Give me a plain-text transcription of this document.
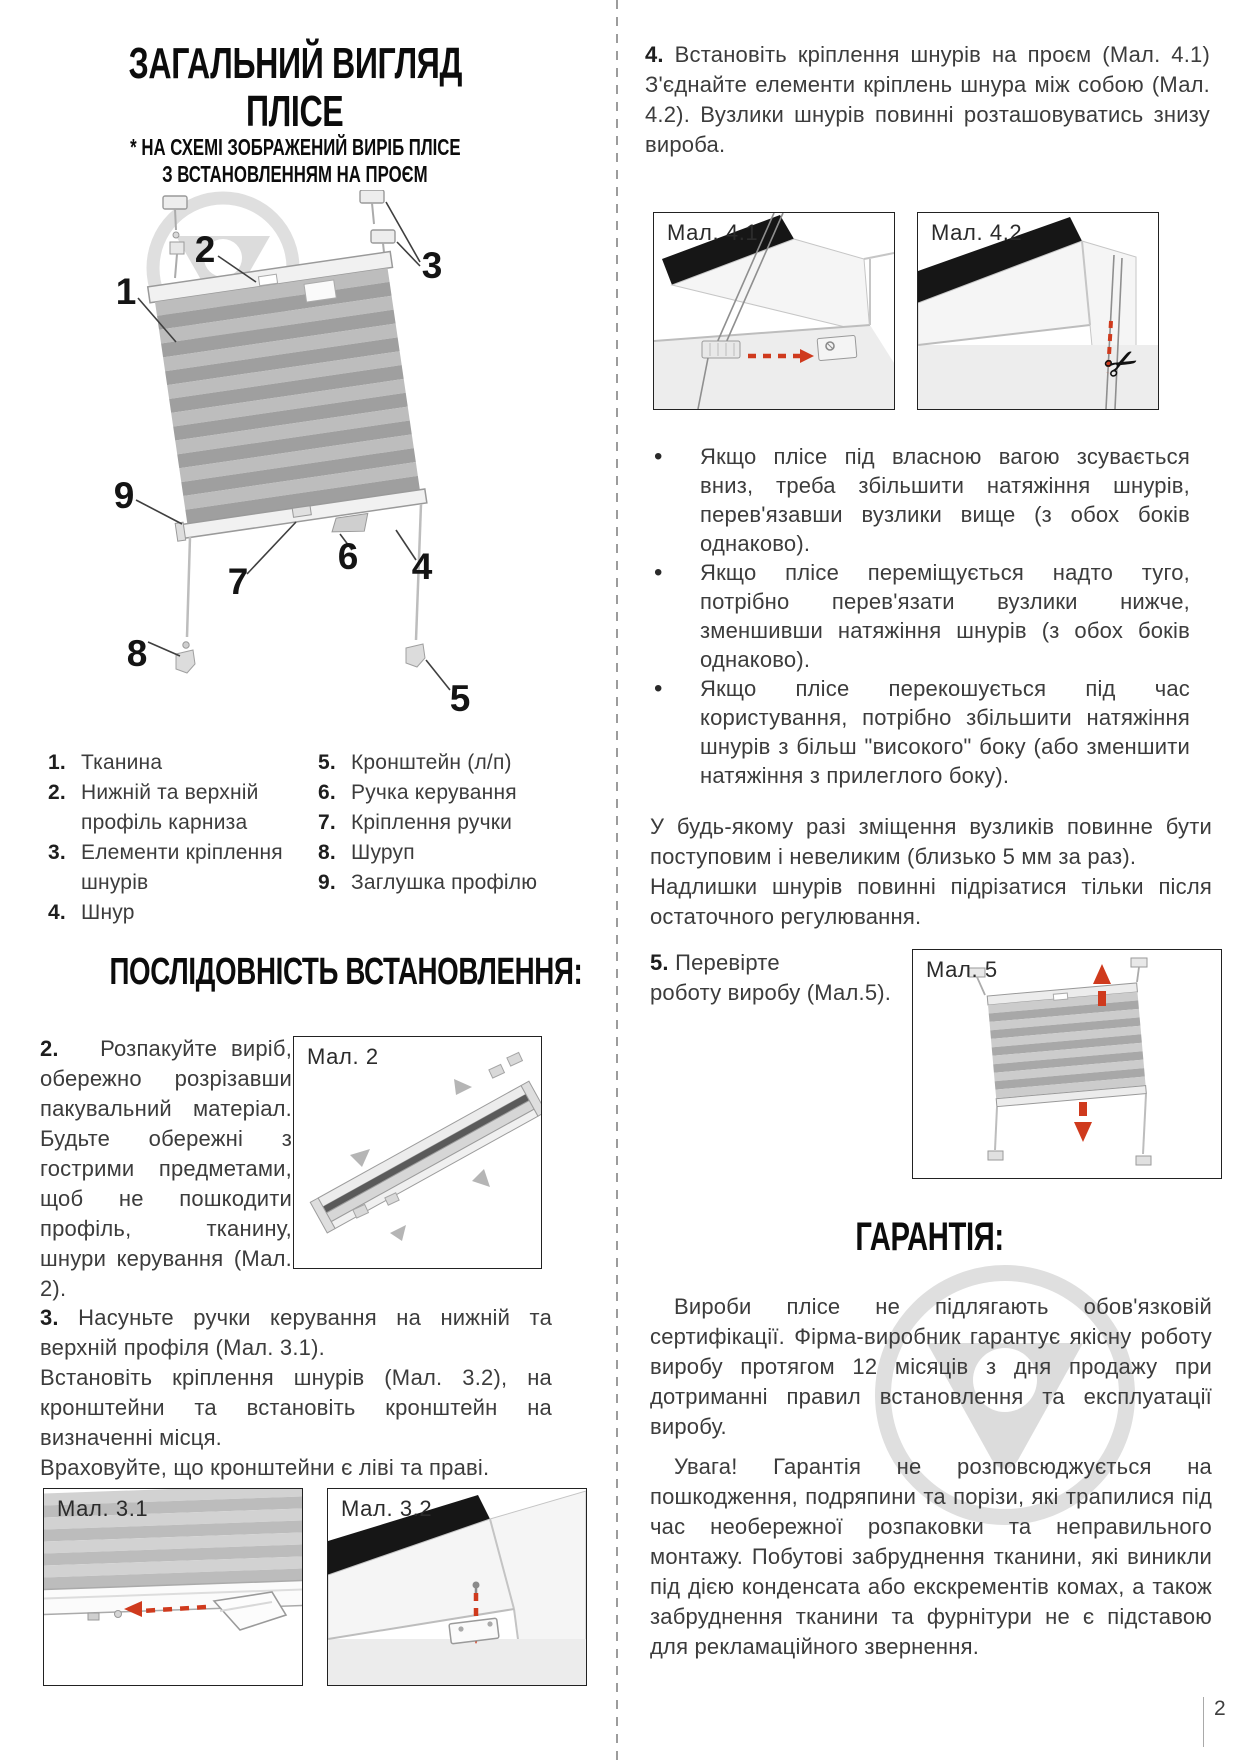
ЗАГАЛЬНИЙ ВИГЛЯД
ПЛІСЕ
* НА СХЕМІ ЗОБРАЖЕНИЙ ВИРІБ ПЛІСЕ
З ВСТАНОВЛЕННЯМ НА ПРОЄМ
1
2	3
4
5
6
7
8
9
1. Тканина
2. Нижній та верхній профіль карниза
3. Елементи кріплення шнурів
4. Шнур
5. Кронштейн (л/п)
6. Ручка керування
7. Кріплення ручки
8. Шуруп
9. Заглушка профілю
ПОСЛІДОВНІСТЬ ВСТАНОВЛЕННЯ:

2. Розпакуйте виріб, обережно розрізавши пакувальний матеріал. Будьте обережні з гострими предметами, щоб не пошкодити профіль, тканину, шнури керування (Мал. 2).

Мал. 2

3. Насуньте ручки керування на нижній та верхній профіля (Мал. 3.1).

Встановіть кріплення шнурів (Мал. 3.2), на кронштейни та встановіть кронштейн на визначенні місця.

Враховуйте, що кронштейни є ліві та праві.

Мал. 3.1	Мал. 3.2

4. Встановіть кріплення шнурів на проєм (Мал. 4.1) З'єднайте елементи кріплень шнура між собою (Мал. 4.2). Вузлики шнурів повинні розташовуватись знизу вироба.

Мал. 4.1
✂
Мал. 4.2

• Якщо плісе під власною вагою зсувається вниз, треба збільшити натяжіння шнурів, перев'язавши вузлики вище (з обох боків однаково).

• Якщо плісе переміщується надто туго, потрібно перев'язати вузлики нижче, зменшивши натяжіння шнурів (з обох боків однаково).

• Якщо плісе перекошується під час користування, потрібно збільшити натяжіння шнурів з більш "високого" боку (або зменшити натяжіння з прилеглого боку).

У будь-якому разі зміщення вузликів повинне бути поступовим і невеликим (близько 5 мм за раз).

Надлишки шнурів повинні підрізатися тільки після остаточного регулювання.

5. Перевірте

роботу виробу (Мал.5).

Мал. 5
ГАРАНТІЯ:

Вироби плісе не підлягають обов'язковій сертифікації. Фірма-виробник гарантує якісну роботу виробу протягом 12 місяців з дня продажу при дотриманні правил встановлення та експлуатації виробу.

Увага! Гарантія не розповсюджується на пошкодження, подряпини та порізи, які трапилися під час необережної розпаковки та неправильного монтажу. Побутові забруднення тканини, які виникли під дією конденсата або екскрементів комах, а також забруднення тканини та фурнітури не є підставою для рекламаційного звернення.

2
